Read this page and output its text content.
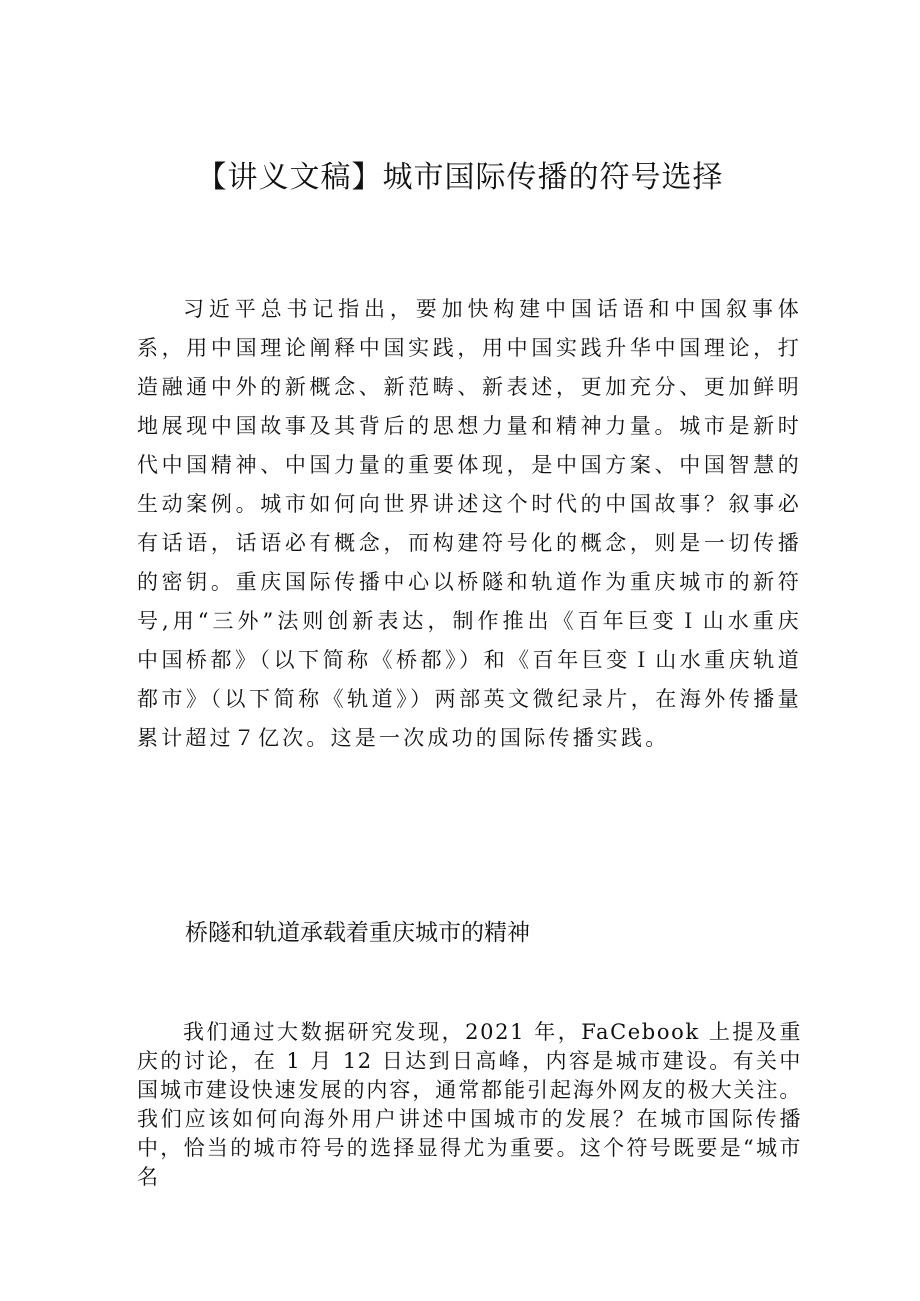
【讲义文稿】城市国际传播的符号选择

习近平总书记指出，要加快构建中国话语和中国叙事体系，用中国理论阐释中国实践，用中国实践升华中国理论，打造融通中外的新概念、新范畴、新表述，更加充分、更加鲜明地展现中国故事及其背后的思想力量和精神力量。城市是新时代中国精神、中国力量的重要体现，是中国方案、中国智慧的生动案例。城市如何向世界讲述这个时代的中国故事？叙事必有话语，话语必有概念，而构建符号化的概念，则是一切传播的密钥。重庆国际传播中心以桥隧和轨道作为重庆城市的新符号,用“三外”法则创新表达，制作推出《百年巨变Ｉ山水重庆中国桥都》（以下简称《桥都》）和《百年巨变Ｉ山水重庆轨道都市》（以下简称《轨道》）两部英文微纪录片，在海外传播量累计超过７亿次。这是一次成功的国际传播实践。

桥隧和轨道承载着重庆城市的精神

我们通过大数据研究发现，2021 年，FaCebook 上提及重庆的讨论，在 1 月 12 日达到日高峰，内容是城市建设。有关中国城市建设快速发展的内容，通常都能引起海外网友的极大关注。我们应该如何向海外用户讲述中国城市的发展？在城市国际传播中，恰当的城市符号的选择显得尤为重要。这个符号既要是“城市名
